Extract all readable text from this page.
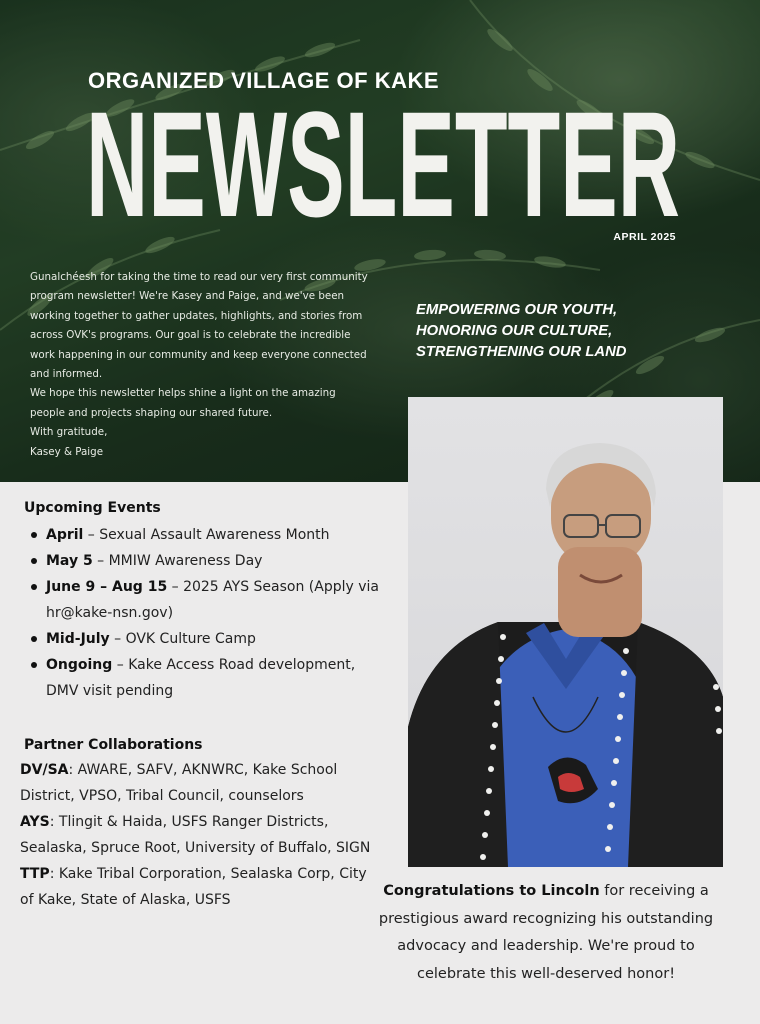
ORGANIZED VILLAGE OF KAKE
NEWSLETTER
APRIL 2025

Gunalchéesh for taking the time to read our very first community program newsletter! We're Kasey and Paige, and we've been working together to gather updates, highlights, and stories from across OVK's programs. Our goal is to celebrate the incredible work happening in our community and keep everyone connected and informed.

We hope this newsletter helps shine a light on the amazing people and projects shaping our shared future.

With gratitude,

Kasey & Paige

EMPOWERING OUR YOUTH,
HONORING OUR CULTURE,
STRENGTHENING OUR LAND
Upcoming Events
April – Sexual Assault Awareness Month
May 5 – MMIW Awareness Day
June 9 – Aug 15 – 2025 AYS Season (Apply via hr@kake-nsn.gov)
Mid-July – OVK Culture Camp
Ongoing – Kake Access Road development, DMV visit pending
Partner Collaborations

DV/SA: AWARE, SAFV, AKNWRC, Kake School District, VPSO, Tribal Council, counselors

AYS: Tlingit & Haida, USFS Ranger Districts, Sealaska, Spruce Root, University of Buffalo, SIGN

TTP: Kake Tribal Corporation, Sealaska Corp, City of Kake, State of Alaska, USFS

Congratulations to Lincoln for receiving a prestigious award recognizing his outstanding advocacy and leadership. We're proud to celebrate this well-deserved honor!
